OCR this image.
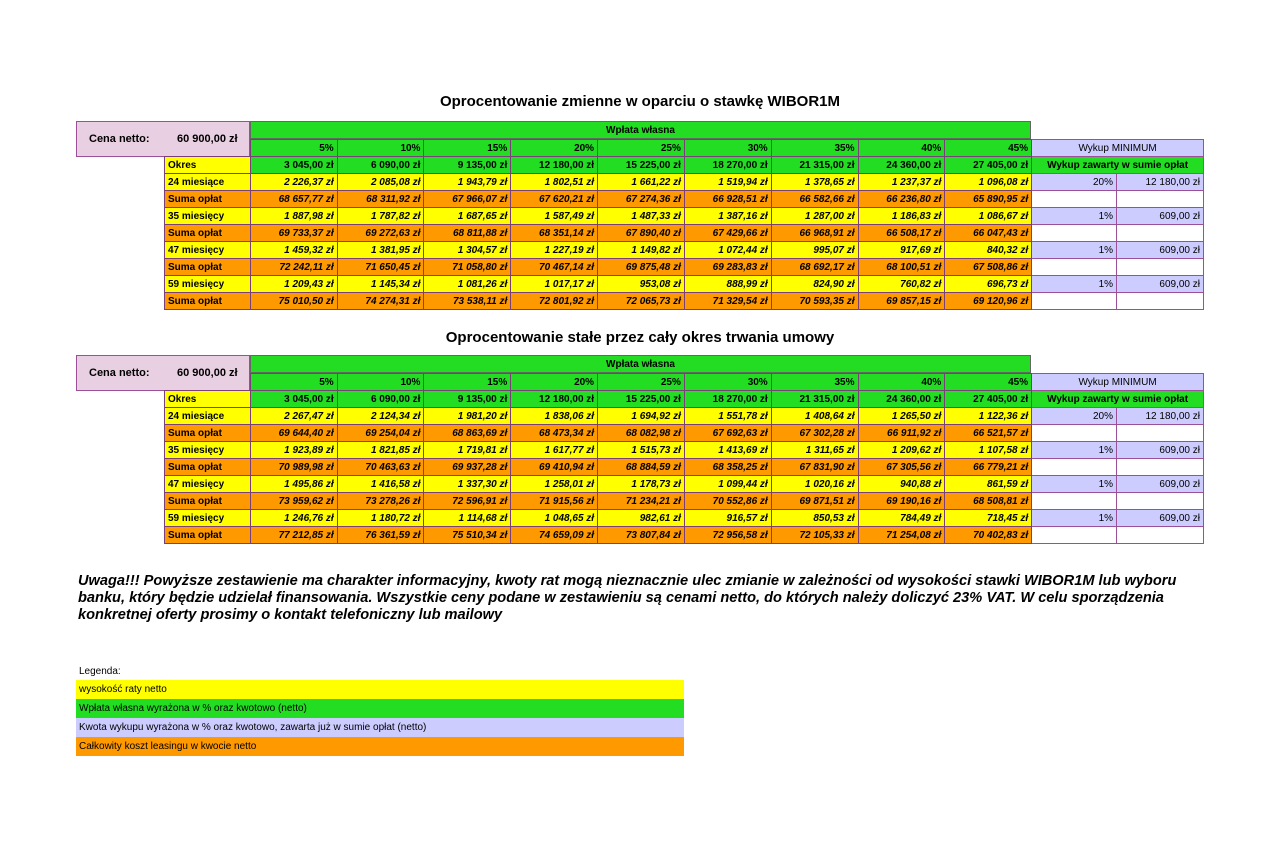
Oprocentowanie zmienne w oparciu o stawkę WIBOR1M
Cena netto:	60 900,00 zł
Wpłata własna
	5%	10%	15%	20%	25%	30%	35%	40%	45%	Wykup MINIMUM	
Okres	3 045,00 zł	6 090,00 zł	9 135,00 zł	12 180,00 zł	15 225,00 zł	18 270,00 zł	21 315,00 zł	24 360,00 zł	27 405,00 zł	Wykup zawarty w sumie opłat	
24 miesiące	2 226,37 zł	2 085,08 zł	1 943,79 zł	1 802,51 zł	1 661,22 zł	1 519,94 zł	1 378,65 zł	1 237,37 zł	1 096,08 zł	20%	12 180,00 zł
Suma opłat	68 657,77 zł	68 311,92 zł	67 966,07 zł	67 620,21 zł	67 274,36 zł	66 928,51 zł	66 582,66 zł	66 236,80 zł	65 890,95 zł		
35 miesięcy	1 887,98 zł	1 787,82 zł	1 687,65 zł	1 587,49 zł	1 487,33 zł	1 387,16 zł	1 287,00 zł	1 186,83 zł	1 086,67 zł	1%	609,00 zł
Suma opłat	69 733,37 zł	69 272,63 zł	68 811,88 zł	68 351,14 zł	67 890,40 zł	67 429,66 zł	66 968,91 zł	66 508,17 zł	66 047,43 zł		
47 miesięcy	1 459,32 zł	1 381,95 zł	1 304,57 zł	1 227,19 zł	1 149,82 zł	1 072,44 zł	995,07 zł	917,69 zł	840,32 zł	1%	609,00 zł
Suma opłat	72 242,11 zł	71 650,45 zł	71 058,80 zł	70 467,14 zł	69 875,48 zł	69 283,83 zł	68 692,17 zł	68 100,51 zł	67 508,86 zł		
59 miesięcy	1 209,43 zł	1 145,34 zł	1 081,26 zł	1 017,17 zł	953,08 zł	888,99 zł	824,90 zł	760,82 zł	696,73 zł	1%	609,00 zł
Suma opłat	75 010,50 zł	74 274,31 zł	73 538,11 zł	72 801,92 zł	72 065,73 zł	71 329,54 zł	70 593,35 zł	69 857,15 zł	69 120,96 zł		
Oprocentowanie stałe przez cały okres trwania umowy
Cena netto:	60 900,00 zł
Wpłata własna
	5%	10%	15%	20%	25%	30%	35%	40%	45%	Wykup MINIMUM	
Okres	3 045,00 zł	6 090,00 zł	9 135,00 zł	12 180,00 zł	15 225,00 zł	18 270,00 zł	21 315,00 zł	24 360,00 zł	27 405,00 zł	Wykup zawarty w sumie opłat	
24 miesiące	2 267,47 zł	2 124,34 zł	1 981,20 zł	1 838,06 zł	1 694,92 zł	1 551,78 zł	1 408,64 zł	1 265,50 zł	1 122,36 zł	20%	12 180,00 zł
Suma opłat	69 644,40 zł	69 254,04 zł	68 863,69 zł	68 473,34 zł	68 082,98 zł	67 692,63 zł	67 302,28 zł	66 911,92 zł	66 521,57 zł		
35 miesięcy	1 923,89 zł	1 821,85 zł	1 719,81 zł	1 617,77 zł	1 515,73 zł	1 413,69 zł	1 311,65 zł	1 209,62 zł	1 107,58 zł	1%	609,00 zł
Suma opłat	70 989,98 zł	70 463,63 zł	69 937,28 zł	69 410,94 zł	68 884,59 zł	68 358,25 zł	67 831,90 zł	67 305,56 zł	66 779,21 zł		
47 miesięcy	1 495,86 zł	1 416,58 zł	1 337,30 zł	1 258,01 zł	1 178,73 zł	1 099,44 zł	1 020,16 zł	940,88 zł	861,59 zł	1%	609,00 zł
Suma opłat	73 959,62 zł	73 278,26 zł	72 596,91 zł	71 915,56 zł	71 234,21 zł	70 552,86 zł	69 871,51 zł	69 190,16 zł	68 508,81 zł		
59 miesięcy	1 246,76 zł	1 180,72 zł	1 114,68 zł	1 048,65 zł	982,61 zł	916,57 zł	850,53 zł	784,49 zł	718,45 zł	1%	609,00 zł
Suma opłat	77 212,85 zł	76 361,59 zł	75 510,34 zł	74 659,09 zł	73 807,84 zł	72 956,58 zł	72 105,33 zł	71 254,08 zł	70 402,83 zł		
Uwaga!!! Powyższe zestawienie ma charakter informacyjny, kwoty rat mogą nieznacznie ulec zmianie w zależności od wysokości stawki WIBOR1M lub wyboru banku, który będzie udzielał finansowania. Wszystkie ceny podane w zestawieniu są cenami netto, do których należy doliczyć 23% VAT. W celu sporządzenia konkretnej oferty prosimy o kontakt telefoniczny lub mailowy
Legenda:
wysokość raty netto
Wpłata własna wyrażona w % oraz kwotowo (netto)
Kwota wykupu wyrażona w % oraz kwotowo, zawarta już w sumie opłat (netto)
Całkowity koszt leasingu w kwocie netto
